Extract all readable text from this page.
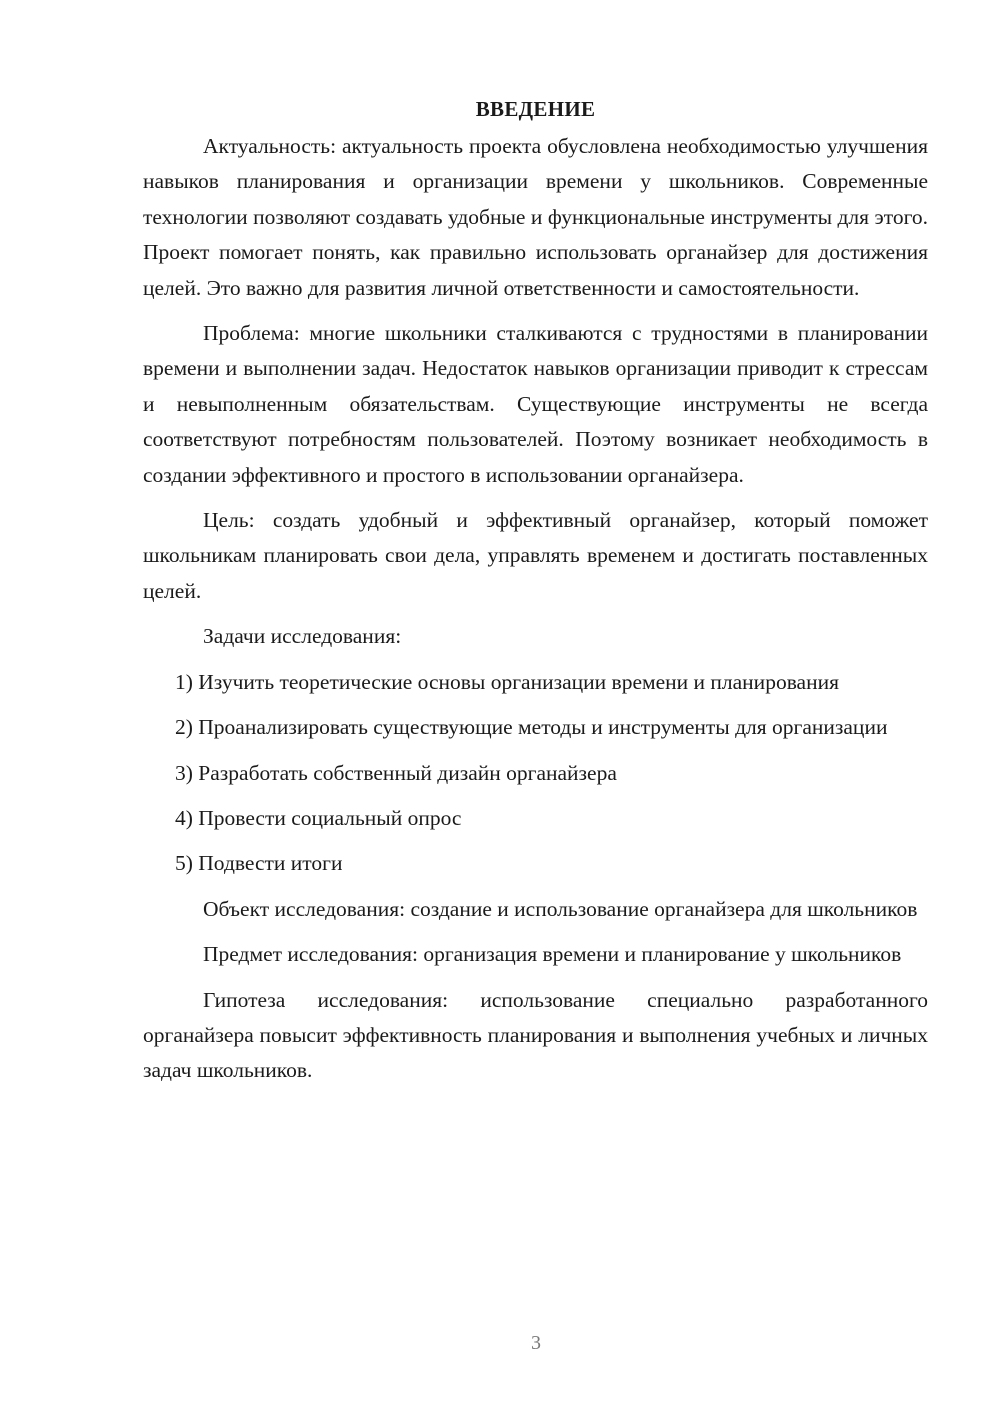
ВВЕДЕНИЕ

Актуальность: актуальность проекта обусловлена необходимостью улучшения навыков планирования и организации времени у школьников. Современные технологии позволяют создавать удобные и функциональные инструменты для этого. Проект помогает понять, как правильно использовать органайзер для достижения целей. Это важно для развития личной ответственности и самостоятельности.

Проблема: многие школьники сталкиваются с трудностями в планировании времени и выполнении задач. Недостаток навыков организации приводит к стрессам и невыполненным обязательствам. Существующие инструменты не всегда соответствуют потребностям пользователей. Поэтому возникает необходимость в создании эффективного и простого в использовании органайзера.

Цель: создать удобный и эффективный органайзер, который поможет школьникам планировать свои дела, управлять временем и достигать поставленных целей.

Задачи исследования:

1) Изучить теоретические основы организации времени и планирования

2) Проанализировать существующие методы и инструменты для организации

3) Разработать собственный дизайн органайзера

4) Провести социальный опрос

5) Подвести итоги

Объект исследования: создание и использование органайзера для школьников

Предмет исследования: организация времени и планирование у школьников

Гипотеза исследования: использование специально разработанного органайзера повысит эффективность планирования и выполнения учебных и личных задач школьников.

3
